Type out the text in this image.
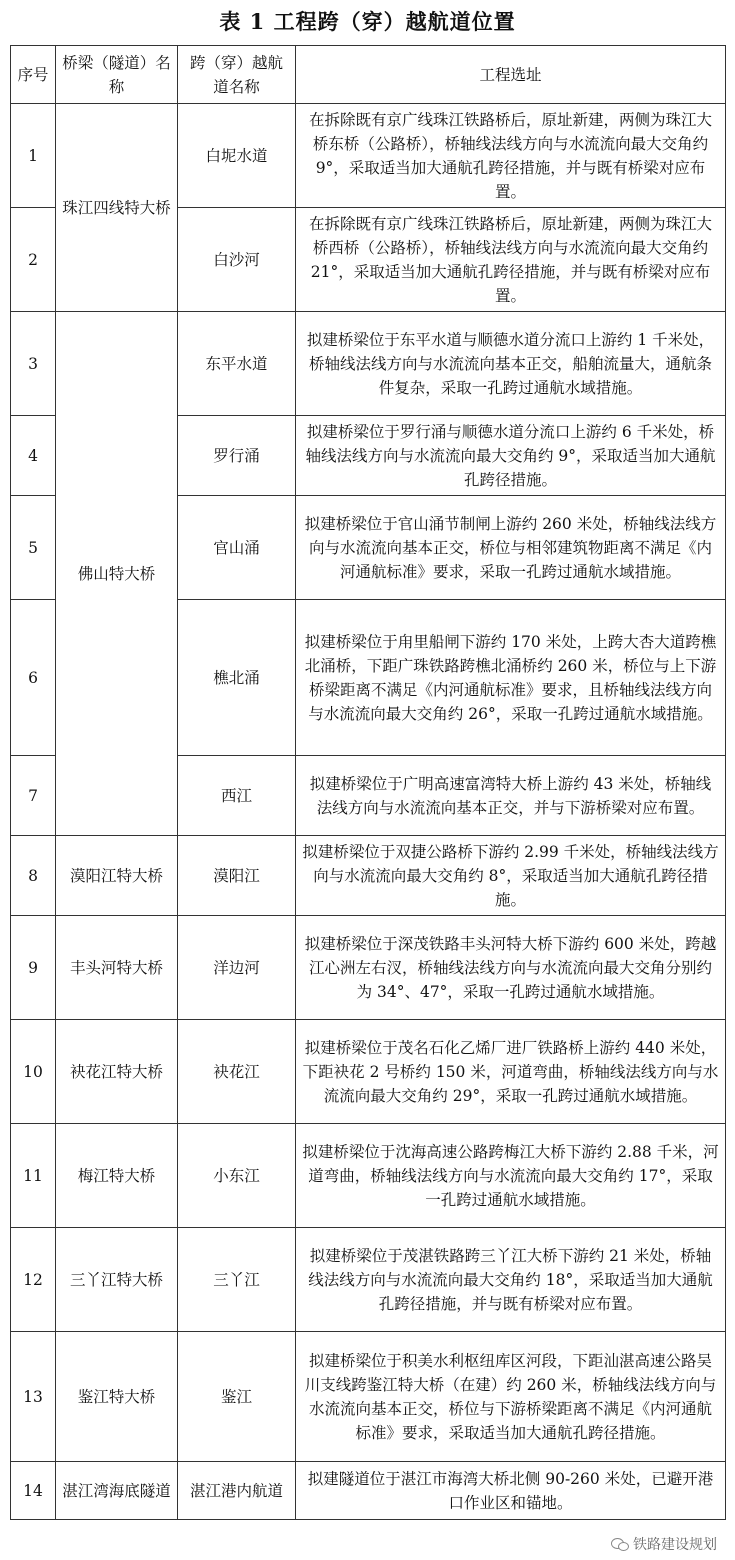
表 1 工程跨（穿）越航道位置
序号	桥梁（隧道）名称	跨（穿）越航道名称	工程选址
1	珠江四线特大桥	白坭水道	在拆除既有京广线珠江铁路桥后，原址新建，两侧为珠江大桥东桥（公路桥），桥轴线法线方向与水流流向最大交角约 9°，采取适当加大通航孔跨径措施，并与既有桥梁对应布置。
2		白沙河	在拆除既有京广线珠江铁路桥后，原址新建，两侧为珠江大桥西桥（公路桥），桥轴线法线方向与水流流向最大交角约 21°，采取适当加大通航孔跨径措施，并与既有桥梁对应布置。
3	佛山特大桥	东平水道	拟建桥梁位于东平水道与顺德水道分流口上游约 1 千米处，桥轴线法线方向与水流流向基本正交，船舶流量大，通航条件复杂，采取一孔跨过通航水域措施。
4		罗行涌	拟建桥梁位于罗行涌与顺德水道分流口上游约 6 千米处，桥轴线法线方向与水流流向最大交角约 9°，采取适当加大通航孔跨径措施。
5		官山涌	拟建桥梁位于官山涌节制闸上游约 260 米处，桥轴线法线方向与水流流向基本正交，桥位与相邻建筑物距离不满足《内河通航标准》要求，采取一孔跨过通航水域措施。
6		樵北涌	拟建桥梁位于甪里船闸下游约 170 米处，上跨大杏大道跨樵北涌桥，下距广珠铁路跨樵北涌桥约 260 米，桥位与上下游桥梁距离不满足《内河通航标准》要求，且桥轴线法线方向与水流流向最大交角约 26°，采取一孔跨过通航水域措施。
7		西江	拟建桥梁位于广明高速富湾特大桥上游约 43 米处，桥轴线法线方向与水流流向基本正交，并与下游桥梁对应布置。
8	漠阳江特大桥	漠阳江	拟建桥梁位于双捷公路桥下游约 2.99 千米处，桥轴线法线方向与水流流向最大交角约 8°，采取适当加大通航孔跨径措施。
9	丰头河特大桥	洋边河	拟建桥梁位于深茂铁路丰头河特大桥下游约 600 米处，跨越江心洲左右汊，桥轴线法线方向与水流流向最大交角分别约为 34°、47°，采取一孔跨过通航水域措施。
10	袂花江特大桥	袂花江	拟建桥梁位于茂名石化乙烯厂进厂铁路桥上游约 440 米处，下距袂花 2 号桥约 150 米，河道弯曲，桥轴线法线方向与水流流向最大交角约 29°，采取一孔跨过通航水域措施。
11	梅江特大桥	小东江	拟建桥梁位于沈海高速公路跨梅江大桥下游约 2.88 千米，河道弯曲，桥轴线法线方向与水流流向最大交角约 17°，采取一孔跨过通航水域措施。
12	三丫江特大桥	三丫江	拟建桥梁位于茂湛铁路跨三丫江大桥下游约 21 米处，桥轴线法线方向与水流流向最大交角约 18°，采取适当加大通航孔跨径措施，并与既有桥梁对应布置。
13	鉴江特大桥	鉴江	拟建桥梁位于积美水利枢纽库区河段，下距汕湛高速公路吴川支线跨鉴江特大桥（在建）约 260 米，桥轴线法线方向与水流流向基本正交，桥位与下游桥梁距离不满足《内河通航标准》要求，采取适当加大通航孔跨径措施。
14	湛江湾海底隧道	湛江港内航道	拟建隧道位于湛江市海湾大桥北侧 90-260 米处，已避开港口作业区和锚地。
铁路建设规划
